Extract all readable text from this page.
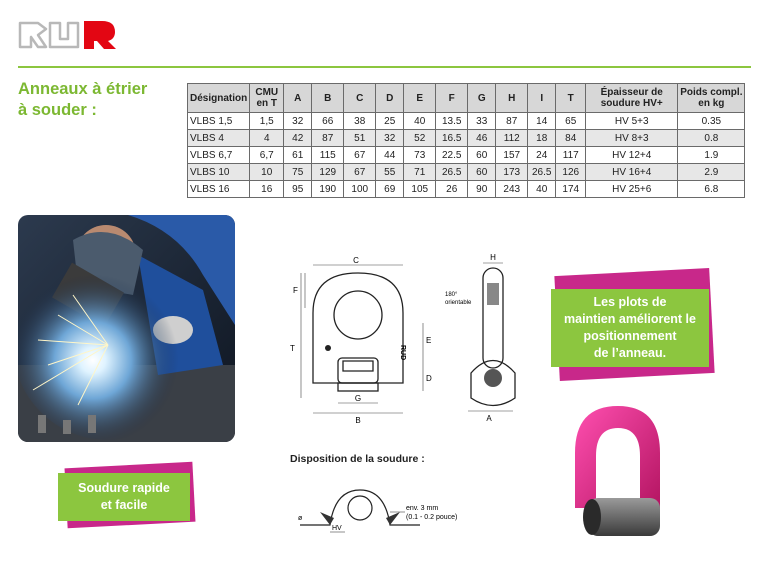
Anneaux à étrier
à souder :
Désignation	CMU
en T	A	B	C	D	E	F	G	H	I	T	Épaisseur de
soudure HV+	Poids compl.
en kg
VLBS 1,5	1,5	32	66	38	25	40	13.5	33	87	14	65	HV 5+3	0.35
VLBS 4	4	42	87	51	32	52	16.5	46	112	18	84	HV 8+3	0.8
VLBS 6,7	6,7	61	115	67	44	73	22.5	60	157	24	117	HV 12+4	1.9
VLBS 10	10	75	129	67	55	71	26.5	60	173	26.5	126	HV 16+4	2.9
VLBS 16	16	95	190	100	69	105	26	90	243	40	174	HV 25+6	6.8
C
F
T
E
D
G
B
RUD
H
180°
orientable
A
Disposition de la soudure :
HV
ø
env. 3 mm
(0.1 - 0.2 pouce)
Les plots de
maintien améliorent le
positionnement
de l’anneau.
Soudure rapide
et facile
